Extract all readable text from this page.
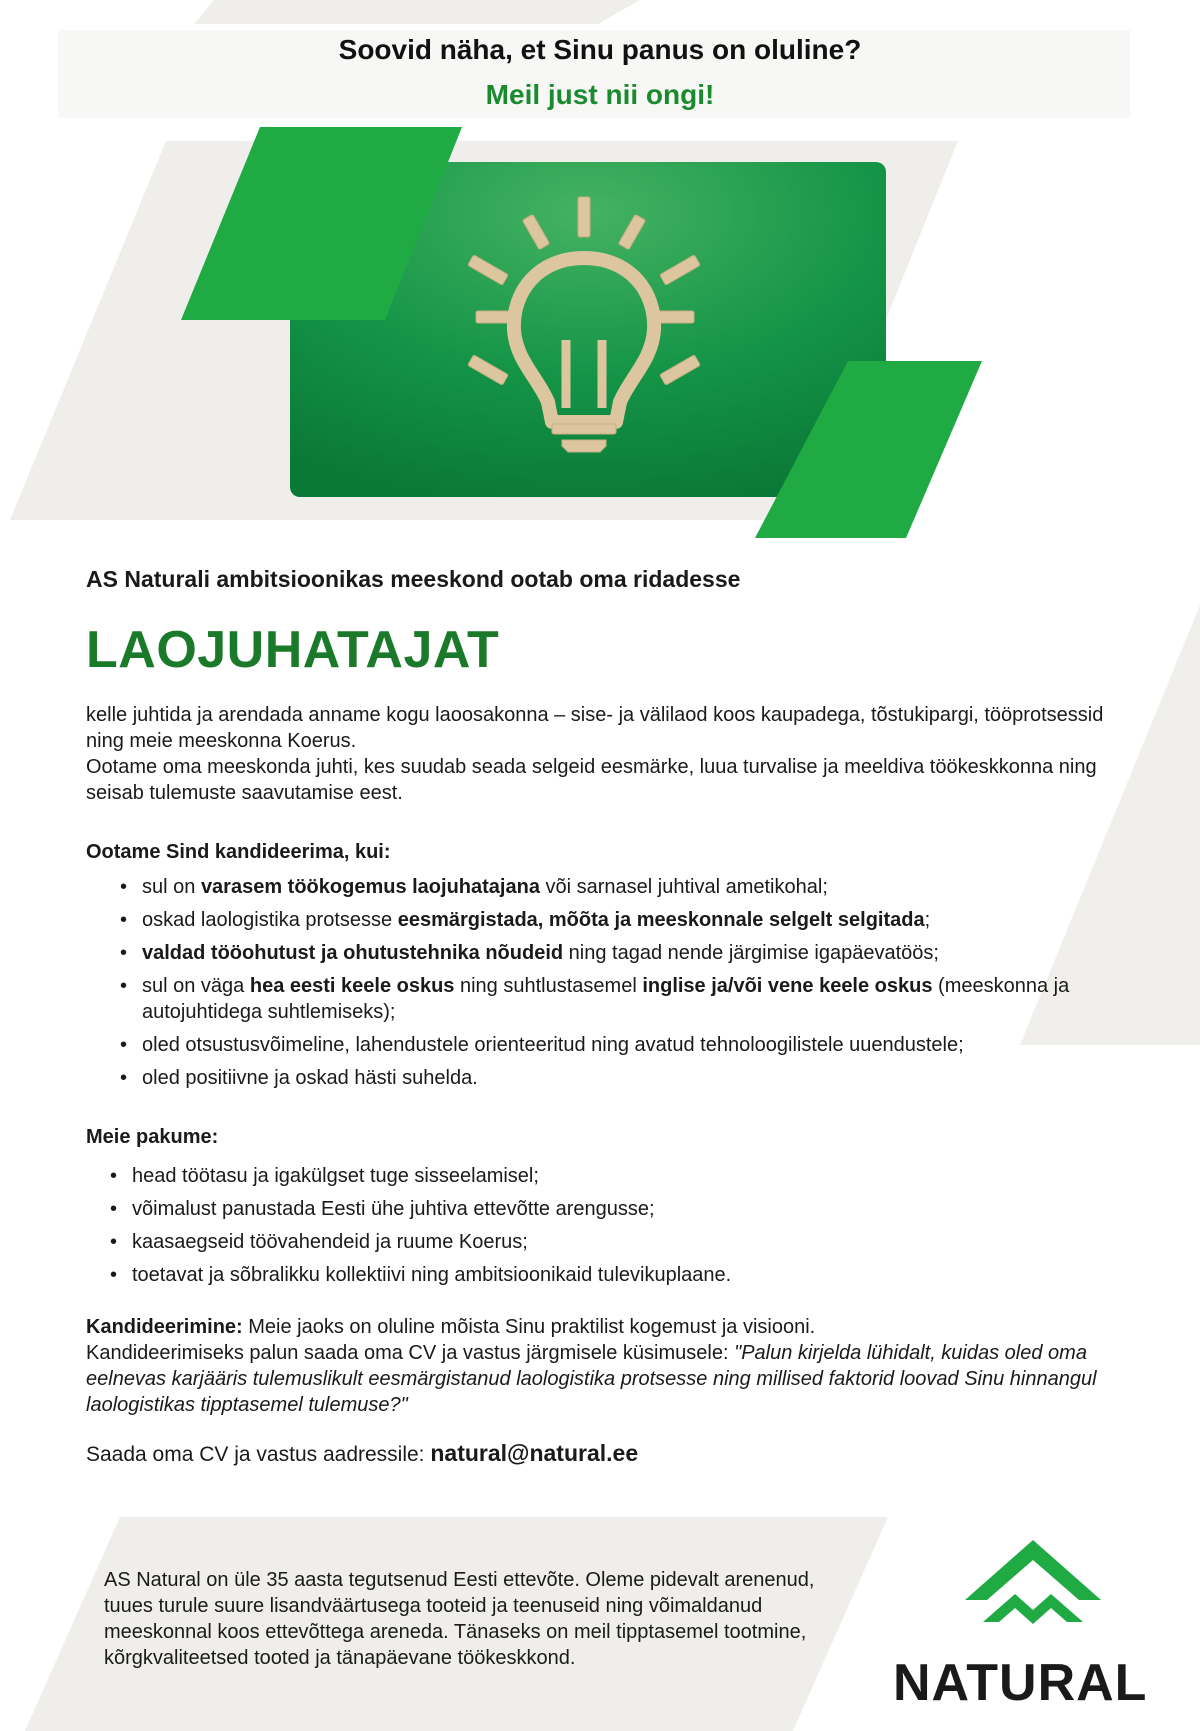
Soovid näha, et Sinu panus on oluline?
Meil just nii ongi!
AS Naturali ambitsioonikas meeskond ootab oma ridadesse
LAOJUHATAJAT

kelle juhtida ja arendada anname kogu laoosakonna – sise- ja välilaod koos kaupadega, tõstukipargi, tööprotsessid ning meie meeskonna Koerus.

Ootame oma meeskonda juhti, kes suudab seada selgeid eesmärke, luua turvalise ja meeldiva töökeskkonna ning seisab tulemuste saavutamise eest.

Ootame Sind kandideerima, kui:
• sul on varasem töökogemus laojuhatajana või sarnasel juhtival ametikohal;
• oskad laologistika protsesse eesmärgistada, mõõta ja meeskonnale selgelt selgitada;
• valdad tööohutust ja ohutustehnika nõudeid ning tagad nende järgimise igapäevatöös;
• sul on väga hea eesti keele oskus ning suhtlustasemel inglise ja/või vene keele oskus (meeskonna ja autojuhtidega suhtlemiseks);
• oled otsustusvõimeline, lahendustele orienteeritud ning avatud tehnoloogilistele uuendustele;
• oled positiivne ja oskad hästi suhelda.
Meie pakume:
• head töötasu ja igakülgset tuge sisseelamisel;
• võimalust panustada Eesti ühe juhtiva ettevõtte arengusse;
• kaasaegseid töövahendeid ja ruume Koerus;
• toetavat ja sõbralikku kollektiivi ning ambitsioonikaid tulevikuplaane.

Kandideerimine: Meie jaoks on oluline mõista Sinu praktilist kogemust ja visiooni.

Kandideerimiseks palun saada oma CV ja vastus järgmisele küsimusele: "Palun kirjelda lühidalt, kuidas oled oma eelnevas karjääris tulemuslikult eesmärgistanud laologistika protsesse ning millised faktorid loovad Sinu hinnangul laologistikas tipptasemel tulemuse?"

Saada oma CV ja vastus aadressile: natural@natural.ee
AS Natural on üle 35 aasta tegutsenud Eesti ettevõte. Oleme pidevalt arenenud, tuues turule suure lisandväärtusega tooteid ja teenuseid ning võimaldanud meeskonnal koos ettevõttega areneda. Tänaseks on meil tipptasemel tootmine, kõrgkvaliteetsed tooted ja tänapäevane töökeskkond.	NATURAL
